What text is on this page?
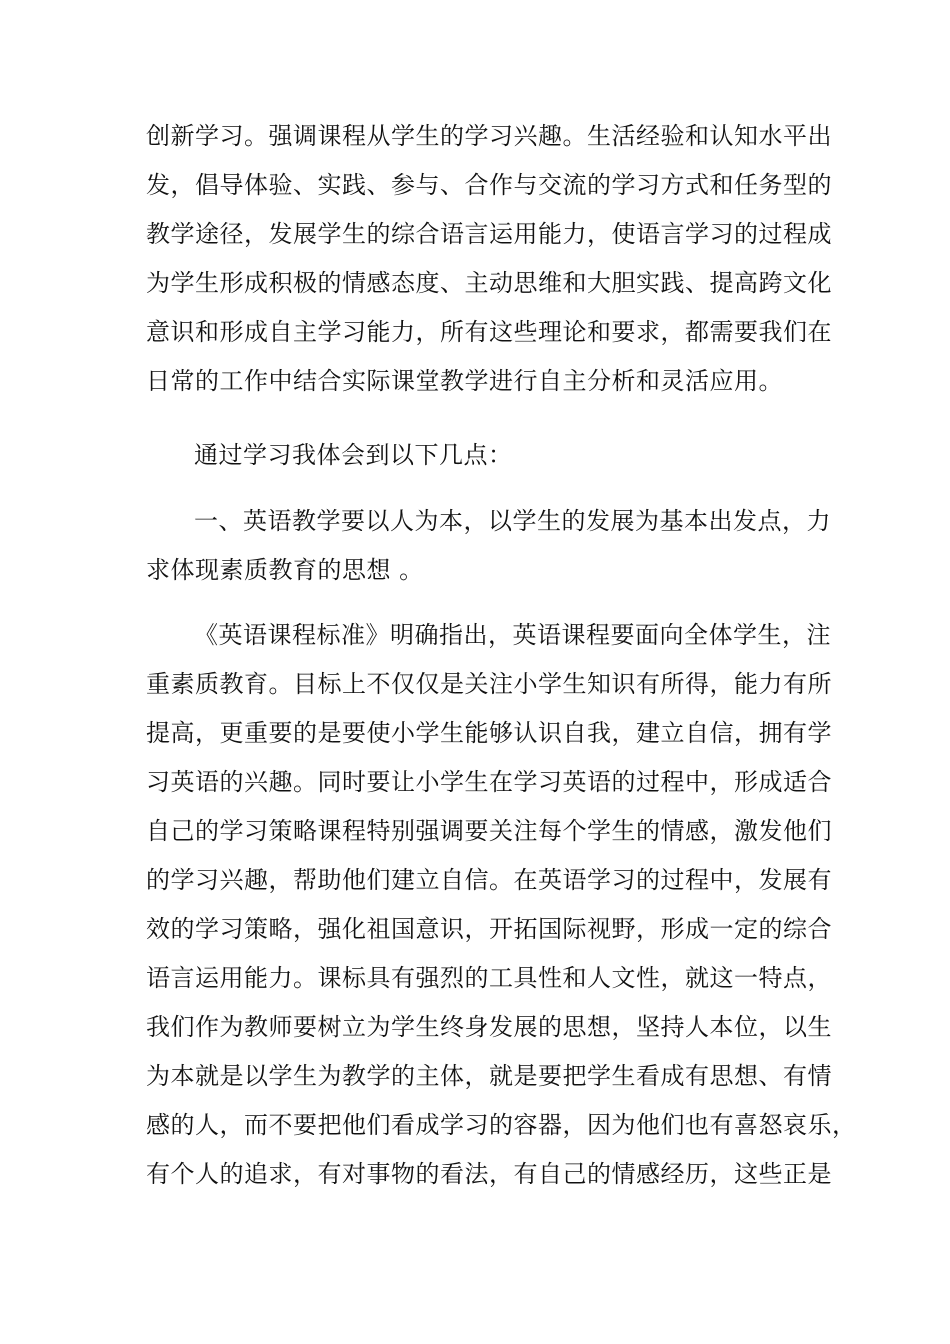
创新学习。强调课程从学生的学习兴趣。生活经验和认知水平出
发，倡导体验、实践、参与、合作与交流的学习方式和任务型的
教学途径，发展学生的综合语言运用能力，使语言学习的过程成
为学生形成积极的情感态度、主动思维和大胆实践、提高跨文化
意识和形成自主学习能力，所有这些理论和要求，都需要我们在
日常的工作中结合实际课堂教学进行自主分析和灵活应用。
通过学习我体会到以下几点：
一、英语教学要以人为本，以学生的发展为基本出发点，力
求体现素质教育的思想 。
《英语课程标准》明确指出，英语课程要面向全体学生，注
重素质教育。目标上不仅仅是关注小学生知识有所得，能力有所
提高，更重要的是要使小学生能够认识自我，建立自信，拥有学
习英语的兴趣。同时要让小学生在学习英语的过程中，形成适合
自己的学习策略课程特别强调要关注每个学生的情感，激发他们
的学习兴趣，帮助他们建立自信。在英语学习的过程中，发展有
效的学习策略，强化祖国意识，开拓国际视野，形成一定的综合
语言运用能力。课标具有强烈的工具性和人文性，就这一特点，
我们作为教师要树立为学生终身发展的思想，坚持人本位，以生
为本就是以学生为教学的主体，就是要把学生看成有思想、有情
感的人，而不要把他们看成学习的容器，因为他们也有喜怒哀乐，
有个人的追求，有对事物的看法，有自己的情感经历，这些正是
